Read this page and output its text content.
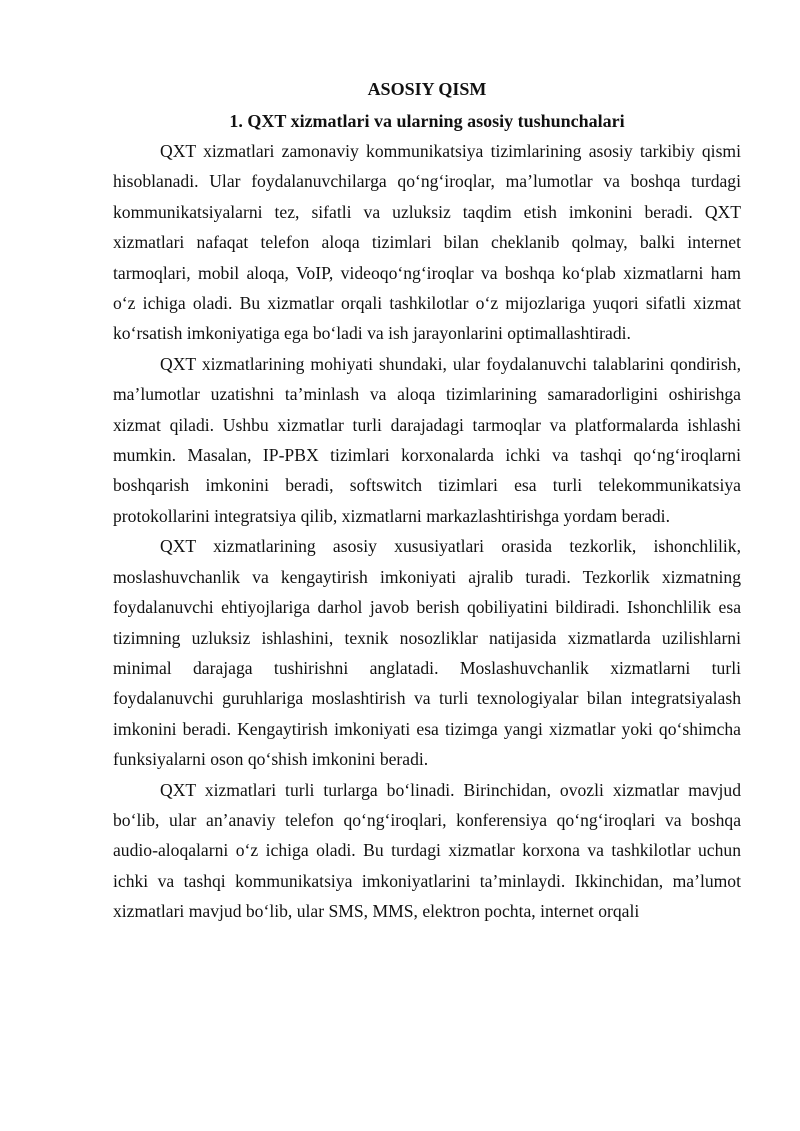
ASOSIY QISM
1. QXT xizmatlari va ularning asosiy tushunchalari

QXT xizmatlari zamonaviy kommunikatsiya tizimlarining asosiy tarkibiy qismi hisoblanadi. Ular foydalanuvchilarga qo‘ng‘iroqlar, ma’lumotlar va boshqa turdagi kommunikatsiyalarni tez, sifatli va uzluksiz taqdim etish imkonini beradi. QXT xizmatlari nafaqat telefon aloqa tizimlari bilan cheklanib qolmay, balki internet tarmoqlari, mobil aloqa, VoIP, videoqo‘ng‘iroqlar va boshqa ko‘plab xizmatlarni ham o‘z ichiga oladi. Bu xizmatlar orqali tashkilotlar o‘z mijozlariga yuqori sifatli xizmat ko‘rsatish imkoniyatiga ega bo‘ladi va ish jarayonlarini optimallashtiradi.

QXT xizmatlarining mohiyati shundaki, ular foydalanuvchi talablarini qondirish, ma’lumotlar uzatishni ta’minlash va aloqa tizimlarining samaradorligini oshirishga xizmat qiladi. Ushbu xizmatlar turli darajadagi tarmoqlar va platformalarda ishlashi mumkin. Masalan, IP-PBX tizimlari korxonalarda ichki va tashqi qo‘ng‘iroqlarni boshqarish imkonini beradi, softswitch tizimlari esa turli telekommunikatsiya protokollarini integratsiya qilib, xizmatlarni markazlashtirishga yordam beradi.

QXT xizmatlarining asosiy xususiyatlari orasida tezkorlik, ishonchlilik, moslashuvchanlik va kengaytirish imkoniyati ajralib turadi. Tezkorlik xizmatning foydalanuvchi ehtiyojlariga darhol javob berish qobiliyatini bildiradi. Ishonchlilik esa tizimning uzluksiz ishlashini, texnik nosozliklar natijasida xizmatlarda uzilishlarni minimal darajaga tushirishni anglatadi. Moslashuvchanlik xizmatlarni turli foydalanuvchi guruhlariga moslashtirish va turli texnologiyalar bilan integratsiyalash imkonini beradi. Kengaytirish imkoniyati esa tizimga yangi xizmatlar yoki qo‘shimcha funksiyalarni oson qo‘shish imkonini beradi.

QXT xizmatlari turli turlarga bo‘linadi. Birinchidan, ovozli xizmatlar mavjud bo‘lib, ular an’anaviy telefon qo‘ng‘iroqlari, konferensiya qo‘ng‘iroqlari va boshqa audio-aloqalarni o‘z ichiga oladi. Bu turdagi xizmatlar korxona va tashkilotlar uchun ichki va tashqi kommunikatsiya imkoniyatlarini ta’minlaydi. Ikkinchidan, ma’lumot xizmatlari mavjud bo‘lib, ular SMS, MMS, elektron pochta, internet orqali
